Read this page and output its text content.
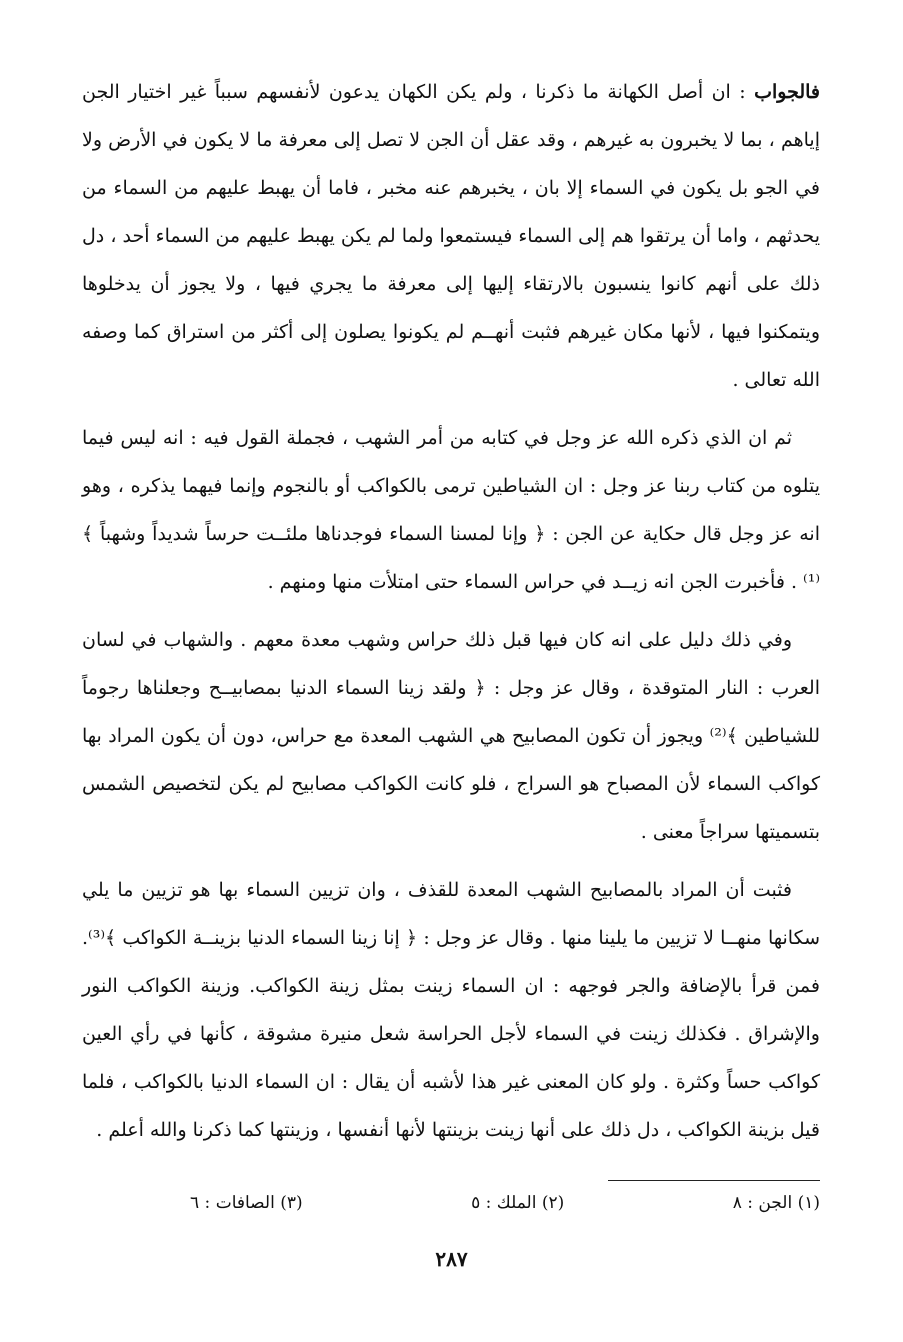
فالجواب : ان أصل الكهانة ما ذكرنا ، ولم يكن الكهان يدعون لأنفسهم سبباً غير اختيار الجن إياهم ، بما لا يخبرون به غيرهم ، وقد عقل أن الجن لا تصل إلى معرفة ما لا يكون في الأرض ولا في الجو بل يكون في السماء إلا بان ، يخبرهم عنه مخبر ، فاما أن يهبط عليهم من السماء من يحدثهم ، واما أن يرتقوا هم إلى السماء فيستمعوا ولما لم يكن يهبط عليهم من السماء أحد ، دل ذلك على أنهم كانوا ينسبون بالارتقاء إليها إلى معرفة ما يجري فيها ، ولا يجوز أن يدخلوها ويتمكنوا فيها ، لأنها مكان غيرهم فثبت أنهــم لم يكونوا يصلون إلى أكثر من استراق كما وصفه الله تعالى .

ثم ان الذي ذكره الله عز وجل في كتابه من أمر الشهب ، فجملة القول فيه : انه ليس فيما يتلوه من كتاب ربنا عز وجل : ان الشياطين ترمى بالكواكب أو بالنجوم وإنما فيهما يذكره ، وهو انه عز وجل قال حكاية عن الجن : ﴿ وإنا لمسنا السماء فوجدناها ملئــت حرساً شديداً وشهباً ﴾⁽¹⁾ . فأخبرت الجن انه زيــد في حراس السماء حتى امتلأت منها ومنهم .

وفي ذلك دليل على انه كان فيها قبل ذلك حراس وشهب معدة معهم . والشهاب في لسان العرب : النار المتوقدة ، وقال عز وجل : ﴿ ولقد زينا السماء الدنيا بمصابيــح وجعلناها رجوماً للشياطين ﴾⁽²⁾ ويجوز أن تكون المصابيح هي الشهب المعدة مع حراس، دون أن يكون المراد بها كواكب السماء لأن المصباح هو السراج ، فلو كانت الكواكب مصابيح لم يكن لتخصيص الشمس بتسميتها سراجاً معنى .

فثبت أن المراد بالمصابيح الشهب المعدة للقذف ، وان تزيين السماء بها هو تزيين ما يلي سكانها منهــا لا تزيين ما يلينا منها . وقال عز وجل : ﴿ إنا زينا السماء الدنيا بزينــة الكواكب ﴾⁽³⁾. فمن قرأ بالإضافة والجر فوجهه : ان السماء زينت بمثل زينة الكواكب. وزينة الكواكب النور والإشراق . فكذلك زينت في السماء لأجل الحراسة شعل منيرة مشوقة ، كأنها في رأي العين كواكب حساً وكثرة . ولو كان المعنى غير هذا لأشبه أن يقال : ان السماء الدنيا بالكواكب ، فلما قيل بزينة الكواكب ، دل ذلك على أنها زينت بزينتها لأنها أنفسها ، وزينتها كما ذكرنا والله أعلم .

(١) الجن : ٨
(٢) الملك : ٥
(٣) الصافات : ٦
٢٨٧
